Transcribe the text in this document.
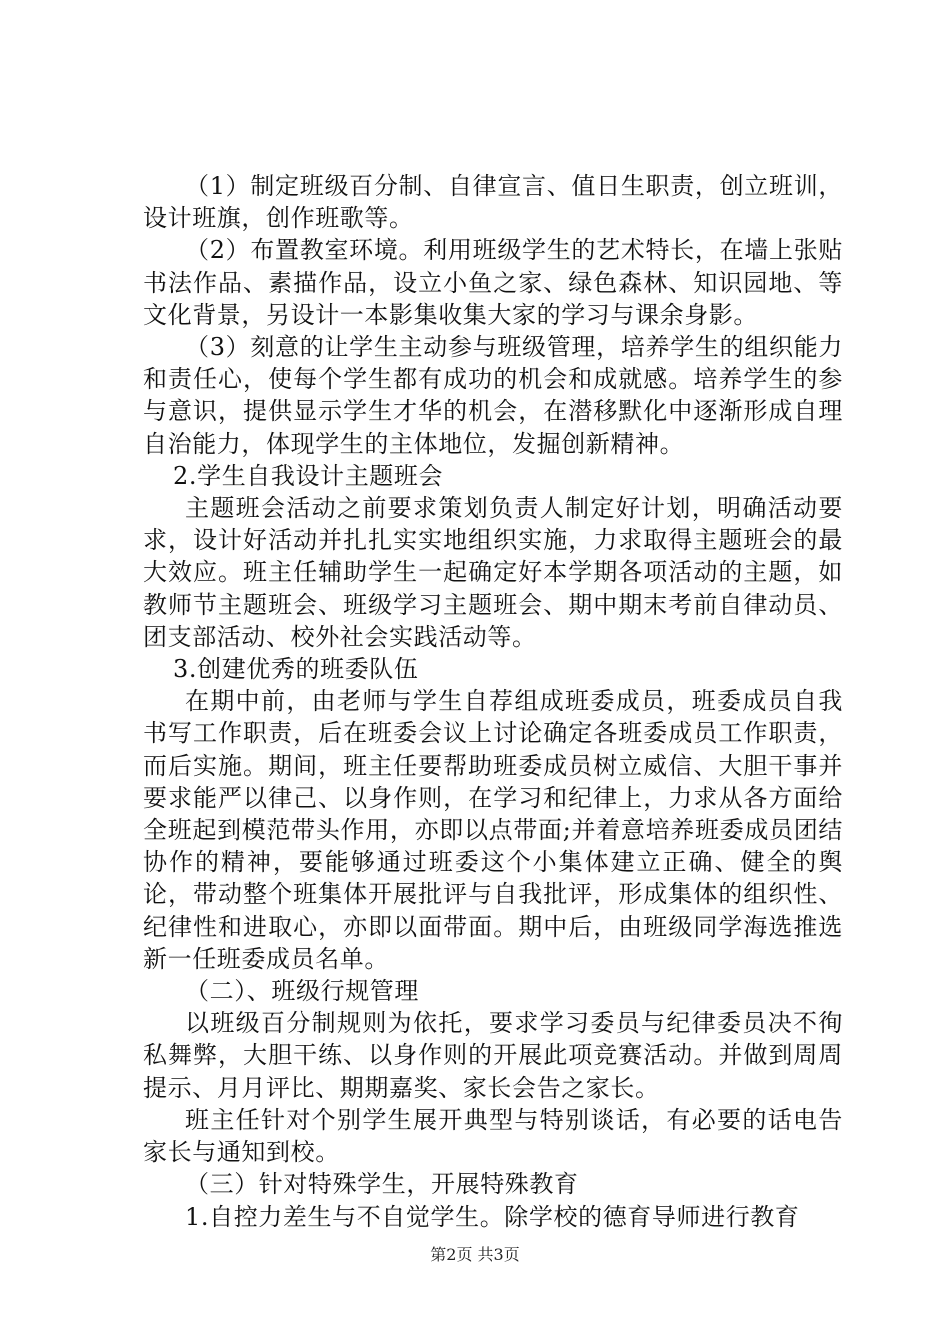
（1）制定班级百分制、自律宣言、值日生职责，创立班训，设计班旗，创作班歌等。

（2）布置教室环境。利用班级学生的艺术特长，在墙上张贴书法作品、素描作品，设立小鱼之家、绿色森林、知识园地、等文化背景，另设计一本影集收集大家的学习与课余身影。

（3）刻意的让学生主动参与班级管理，培养学生的组织能力和责任心，使每个学生都有成功的机会和成就感。培养学生的参与意识，提供显示学生才华的机会，在潜移默化中逐渐形成自理自治能力，体现学生的主体地位，发掘创新精神。

2.学生自我设计主题班会

主题班会活动之前要求策划负责人制定好计划，明确活动要求，设计好活动并扎扎实实地组织实施，力求取得主题班会的最大效应。班主任辅助学生一起确定好本学期各项活动的主题，如教师节主题班会、班级学习主题班会、期中期末考前自律动员、团支部活动、校外社会实践活动等。

3.创建优秀的班委队伍

在期中前，由老师与学生自荐组成班委成员，班委成员自我书写工作职责，后在班委会议上讨论确定各班委成员工作职责，而后实施。期间，班主任要帮助班委成员树立威信、大胆干事并要求能严以律己、以身作则，在学习和纪律上，力求从各方面给全班起到模范带头作用，亦即以点带面;并着意培养班委成员团结协作的精神，要能够通过班委这个小集体建立正确、健全的舆论，带动整个班集体开展批评与自我批评，形成集体的组织性、纪律性和进取心，亦即以面带面。期中后，由班级同学海选推选新一任班委成员名单。

（二）、班级行规管理

以班级百分制规则为依托，要求学习委员与纪律委员决不徇私舞弊，大胆干练、以身作则的开展此项竞赛活动。并做到周周提示、月月评比、期期嘉奖、家长会告之家长。

班主任针对个别学生展开典型与特别谈话，有必要的话电告家长与通知到校。

（三）针对特殊学生，开展特殊教育

1.自控力差生与不自觉学生。除学校的德育导师进行教育

第2页 共3页
